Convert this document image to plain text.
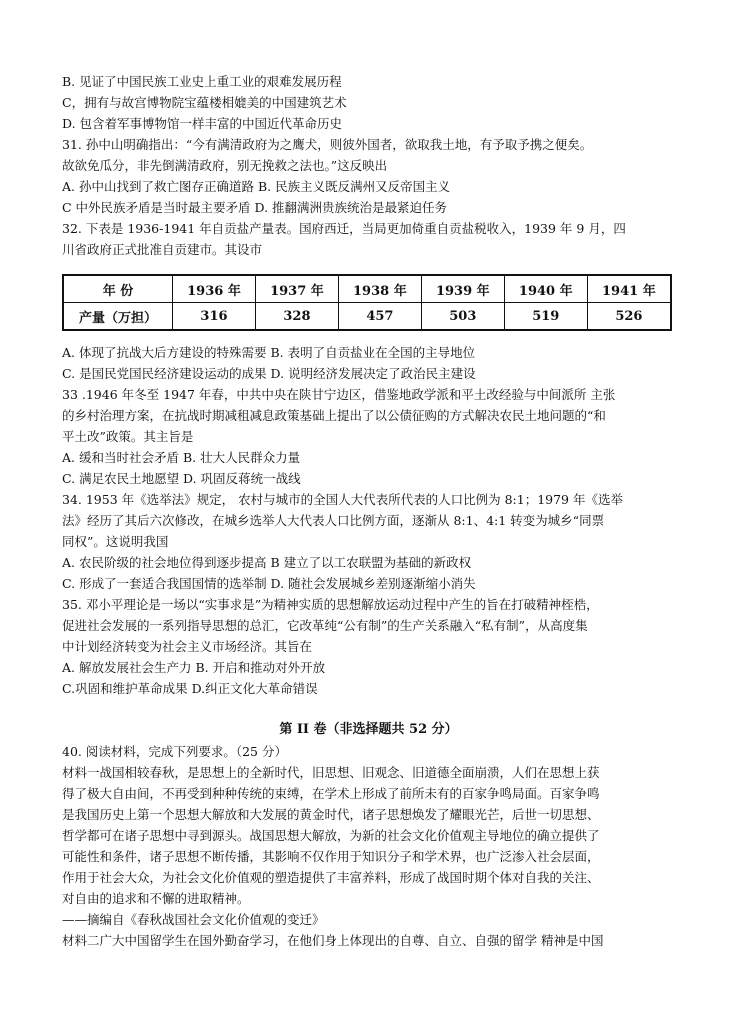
B. 见证了中国民族工业史上重工业的艰难发展历程
C，拥有与故宫博物院宝蕴楼相媲美的中国建筑艺术
D. 包含着军事博物馆一样丰富的中国近代革命历史
31. 孙中山明确指出：“今有满清政府为之鹰犬，则彼外国者，欲取我土地，有予取予携之便矣。
故欲免瓜分，非先倒满清政府，别无挽救之法也。”这反映出
A. 孙中山找到了救亡图存正确道路 B. 民族主义既反满州又反帝国主义
C 中外民族矛盾是当时最主要矛盾 D. 推翻满洲贵族统治是最紧迫任务
32. 下表是 1936-1941 年自贡盐产量表。国府西迁，当局更加倚重自贡盐税收入，1939 年 9 月，四
川省政府正式批准自贡建市。其设市
年 份	1936 年	1937 年	1938 年	1939 年	1940 年	1941 年
产量（万担）	316	328	457	503	519	526
A. 体现了抗战大后方建设的特殊需要 B. 表明了自贡盐业在全国的主导地位
C. 是国民党国民经济建设运动的成果 D. 说明经济发展决定了政治民主建设
33 .1946 年冬至 1947 年春，中共中央在陕甘宁边区，借鉴地政学派和平土改经验与中间派所 主张
的乡村治理方案，在抗战时期减租减息政策基础上提出了以公债征购的方式解决农民土地问题的“和
平土改”政策。其主旨是
A. 缓和当时社会矛盾 B. 壮大人民群众力量
C. 满足农民土地愿望 D. 巩固反蒋统一战线
34. 1953 年《选举法》规定， 农村与城市的全国人大代表所代表的人口比例为 8:1；1979 年《选举
法》经历了其后六次修改，在城乡选举人大代表人口比例方面，逐渐从 8:1、4:1 转变为城乡“同票
同权”。这说明我国
A. 农民阶级的社会地位得到逐步提高 B 建立了以工农联盟为基础的新政权
C. 形成了一套适合我国国情的选举制 D. 随社会发展城乡差别逐渐缩小消失
35. 邓小平理论是一场以“实事求是”为精神实质的思想解放运动过程中产生的旨在打破精神桎梏，
促进社会发展的一系列指导思想的总汇，它改革纯“公有制”的生产关系融入“私有制”，从高度集
中计划经济转变为社会主义市场经济。其旨在
A. 解放发展社会生产力 B. 开启和推动对外开放
C.巩固和维护革命成果 D.纠正文化大革命错误
第 II 卷（非选择题共 52 分）
40. 阅读材料，完成下列要求。（25 分）
材料一战国相较春秋，是思想上的全新时代，旧思想、旧观念、旧道德全面崩溃，人们在思想上获
得了极大自由间，不再受到种种传统的束缚，在学术上形成了前所未有的百家争鸣局面。百家争鸣
是我国历史上第一个思想大解放和大发展的黄金时代，诸子思想焕发了耀眼光芒，后世一切思想、
哲学都可在诸子思想中寻到源头。战国思想大解放，为新的社会文化价值观主导地位的确立提供了
可能性和条件，诸子思想不断传播，其影响不仅作用于知识分子和学术界，也广泛渗入社会层面，
作用于社会大众，为社会文化价值观的塑造提供了丰富养料，形成了战国时期个体对自我的关注、
对自由的追求和不懈的进取精神。
——摘编自《春秋战国社会文化价值观的变迁》
材料二广大中国留学生在国外勤奋学习，在他们身上体现出的自尊、自立、自强的留学 精神是中国
